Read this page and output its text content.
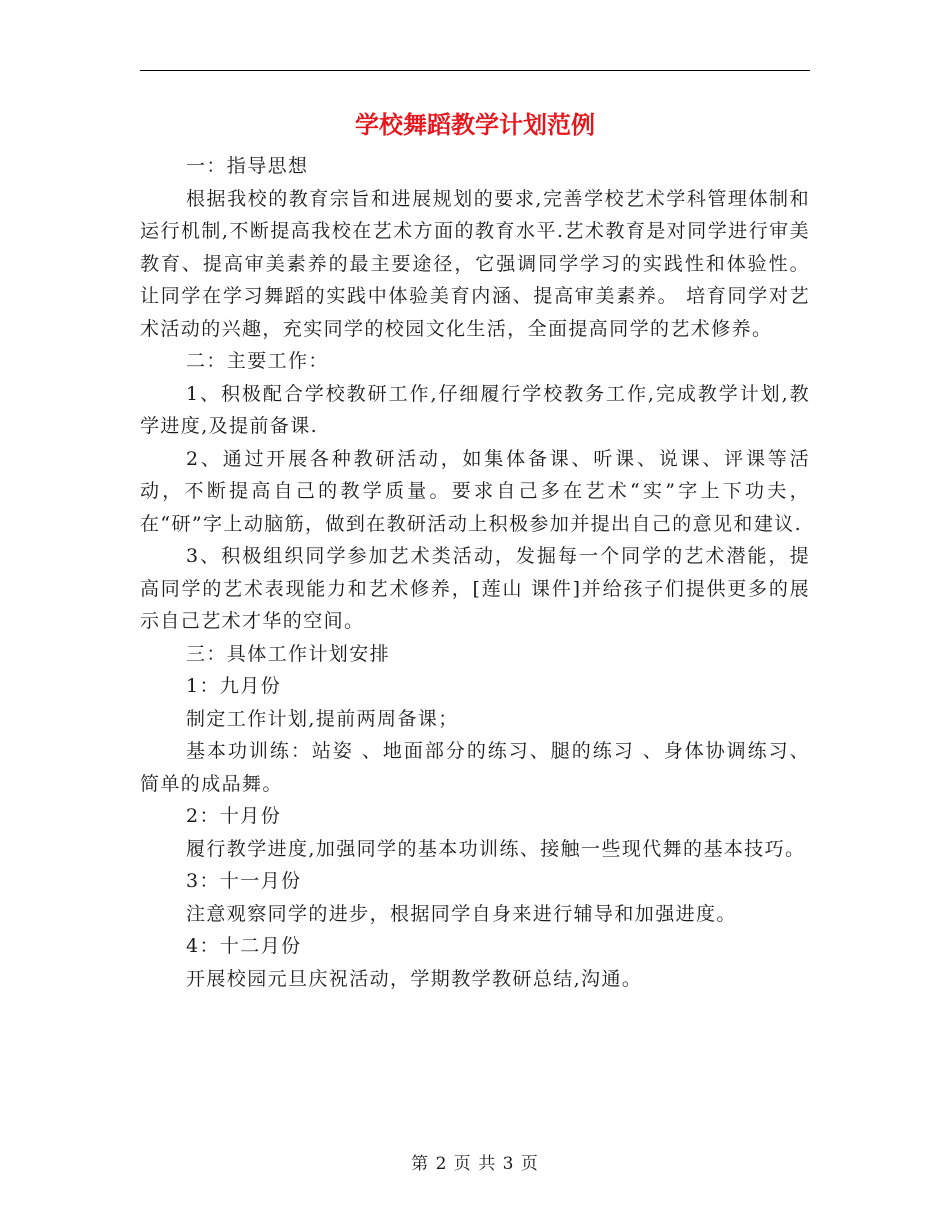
学校舞蹈教学计划范例

一：指导思想

根据我校的教育宗旨和进展规划的要求,完善学校艺术学科管理体制和运行机制,不断提高我校在艺术方面的教育水平.艺术教育是对同学进行审美教育、提高审美素养的最主要途径，它强调同学学习的实践性和体验性。让同学在学习舞蹈的实践中体验美育内涵、提高审美素养。 培育同学对艺术活动的兴趣，充实同学的校园文化生活，全面提高同学的艺术修养。

二：主要工作：

1、积极配合学校教研工作,仔细履行学校教务工作,完成教学计划,教学进度,及提前备课.

2、通过开展各种教研活动，如集体备课、听课、说课、评课等活动，不断提高自己的教学质量。要求自己多在艺术“实”字上下功夫，在“研”字上动脑筋，做到在教研活动上积极参加并提出自己的意见和建议.

3、积极组织同学参加艺术类活动，发掘每一个同学的艺术潜能，提高同学的艺术表现能力和艺术修养，[莲山 课件]并给孩子们提供更多的展示自己艺术才华的空间。

三：具体工作计划安排

1：九月份

制定工作计划,提前两周备课；

基本功训练：站姿 、地面部分的练习、腿的练习 、身体协调练习、简单的成品舞。

2：十月份

履行教学进度,加强同学的基本功训练、接触一些现代舞的基本技巧。

3：十一月份

注意观察同学的进步，根据同学自身来进行辅导和加强进度。

4：十二月份

开展校园元旦庆祝活动，学期教学教研总结,沟通。

第 2 页 共 3 页
